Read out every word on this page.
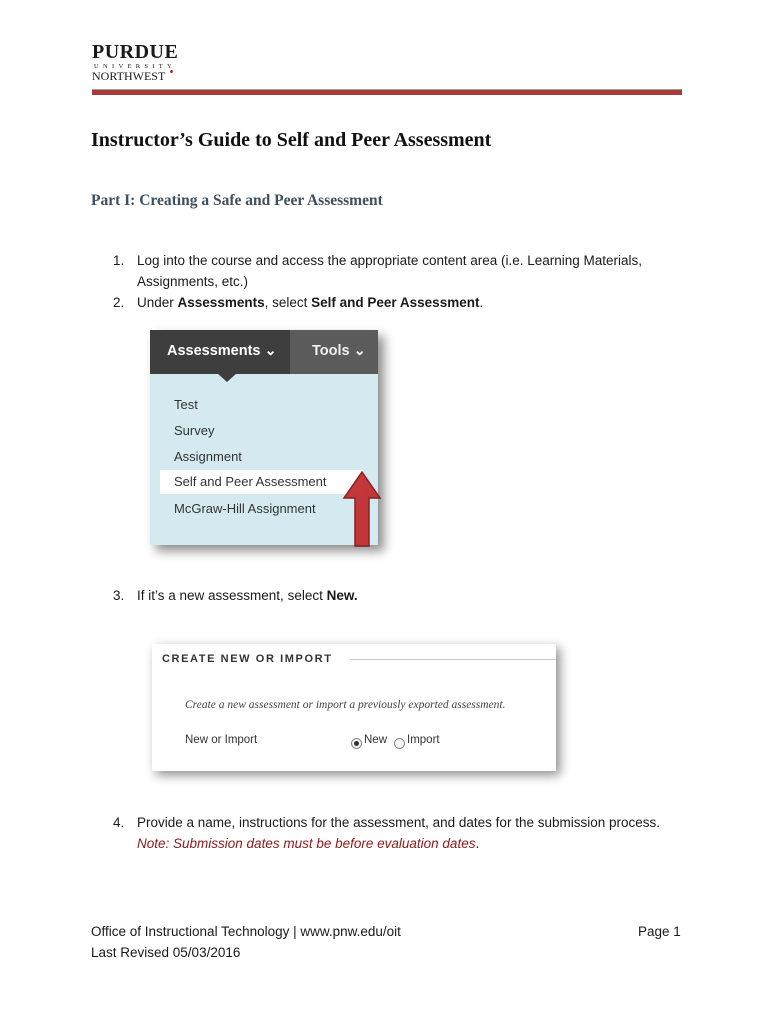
PURDUE
UNIVERSITY
NORTHWEST
Instructor’s Guide to Self and Peer Assessment
Part I: Creating a Safe and Peer Assessment
1. Log into the course and access the appropriate content area (i.e. Learning Materials, Assignments, etc.)
2. Under Assessments, select Self and Peer Assessment.
Assessments ⌄ Tools ⌄
Test
Survey
Assignment
Self and Peer Assessment
McGraw-Hill Assignment
3. If it’s a new assessment, select New.
CREATE NEW OR IMPORT
Create a new assessment or import a previously exported assessment.
New or Import	New Import
4. Provide a name, instructions for the assessment, and dates for the submission process.
Note: Submission dates must be before evaluation dates.
Office of Instructional Technology | www.pnw.edu/oit
Last Revised 05/03/2016
Page 1
